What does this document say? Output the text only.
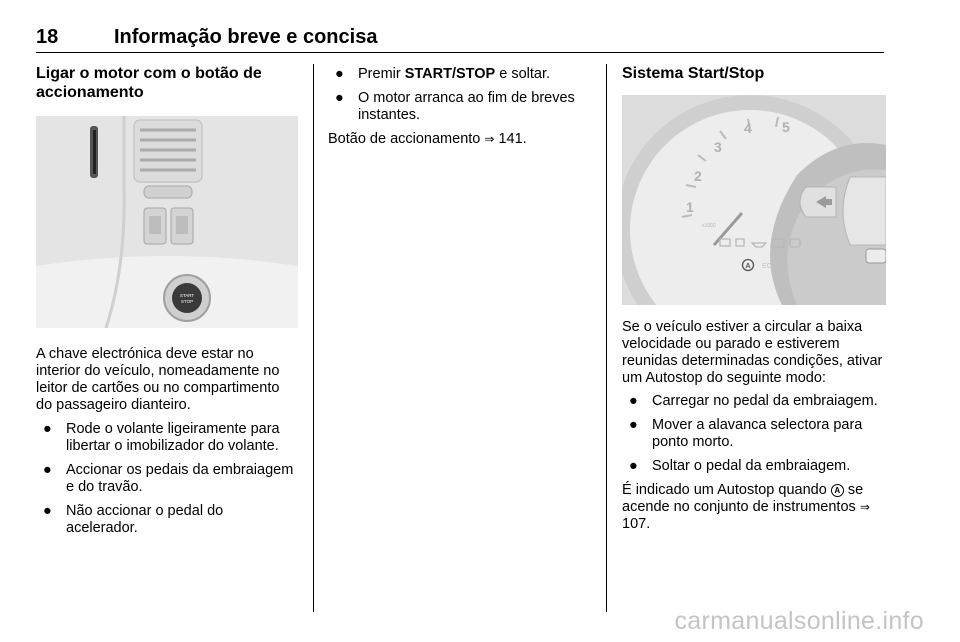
18	Informação breve e concisa
Ligar o motor com o botão de accionamento
START
STOP

A chave electrónica deve estar no interior do veículo, nomeadamente no leitor de cartões ou no compartimento do passageiro dianteiro.

● Rode o volante ligeiramente para libertar o imobilizador do volante.
● Accionar os pedais da embraiagem e do travão.
● Não accionar o pedal do acelerador.
● Premir START/STOP e soltar.
● O motor arranca ao fim de breves instantes.

Botão de accionamento ⇒ 141.

Sistema Start/Stop
1
2
3
4 5
x1000
A ECO

Se o veículo estiver a circular a baixa velocidade ou parado e estiverem reunidas determinadas condições, ativar um Autostop do seguinte modo:

● Carregar no pedal da embraiagem.
● Mover a alavanca selectora para ponto morto.
● Soltar o pedal da embraiagem.

É indicado um Autostop quando A se acende no conjunto de instrumentos ⇒ 107.

carmanualsonline.info
